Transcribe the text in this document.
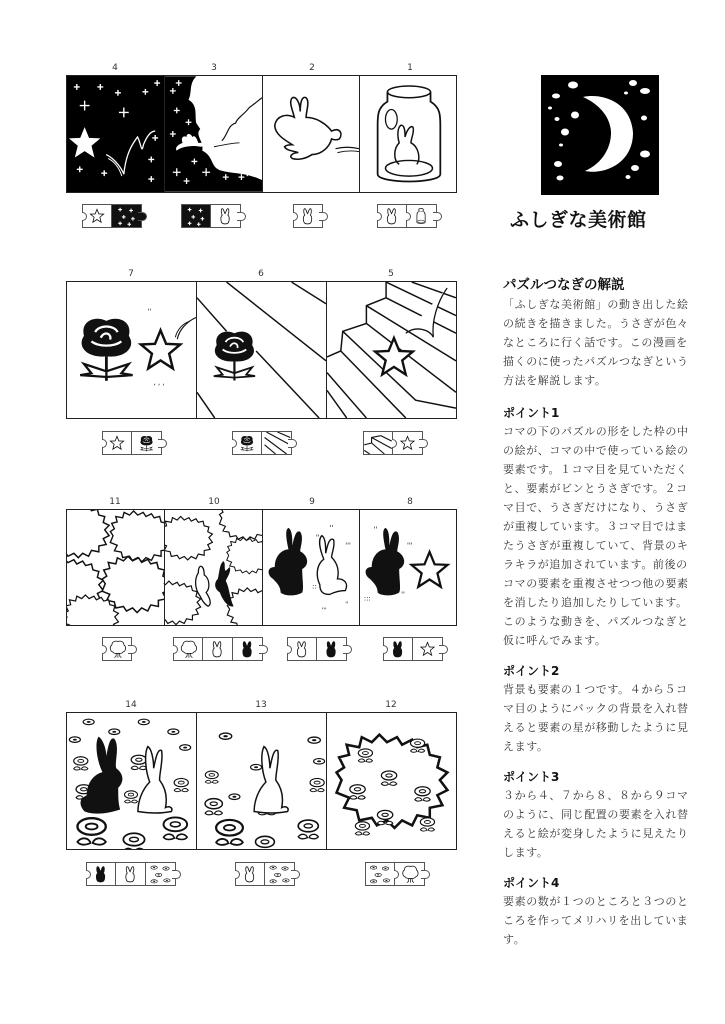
4	3	2	1
7
''
, , ,
6	5
11	10	9
''
''
'''
::
'''
''
8
''
'''
:::	''
14	13	12
ふしぎな美術館
パズルつなぎの解説

「ふしぎな美術館」の動き出した絵の続きを描きました。うさぎが色々なところに行く話です。この漫画を描くのに使ったパズルつなぎという方法を解説します。

ポイント1

コマの下のパズルの形をした枠の中の絵が、コマの中で使っている絵の要素です。１コマ目を見ていただくと、要素がビンとうさぎです。２コマ目で、うさぎだけになり、うさぎが重複しています。３コマ目ではまたうさぎが重複していて、背景のキラキラが追加されています。前後のコマの要素を重複させつつ他の要素を消したり追加したりしています。このような動きを、パズルつなぎと仮に呼んでみます。

ポイント2

背景も要素の１つです。４から５コマ目のようにバックの背景を入れ替えると要素の星が移動したように見えます。

ポイント3

３から４、７から８、８から９コマのように、同じ配置の要素を入れ替えると絵が変身したように見えたりします。

ポイント4

要素の数が１つのところと３つのところを作ってメリハリを出しています。
